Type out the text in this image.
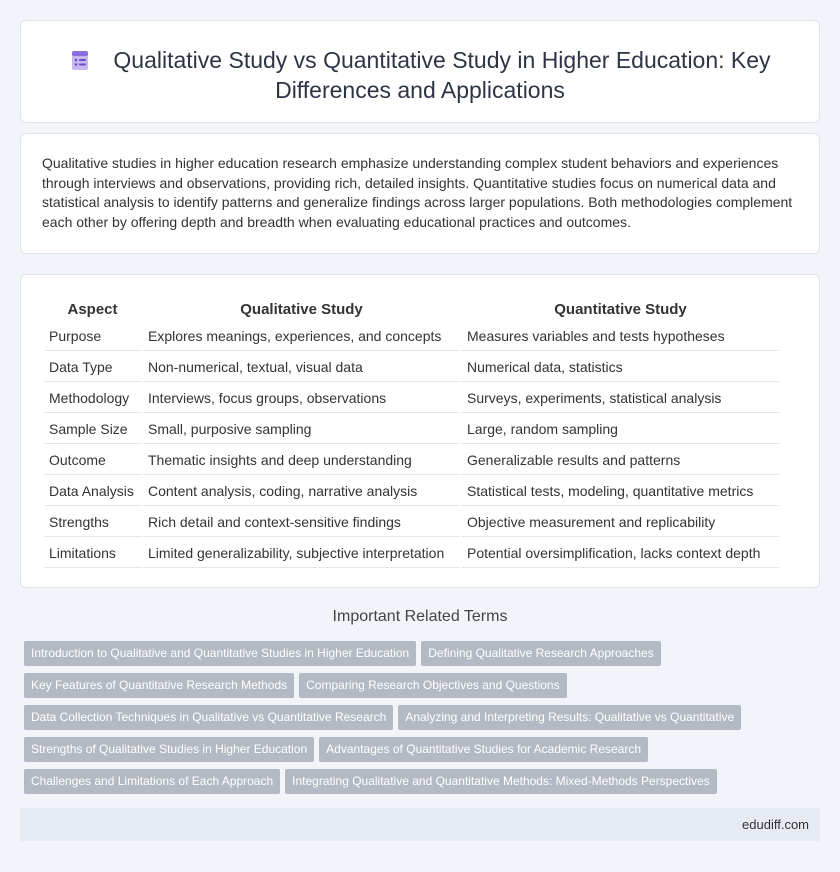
Qualitative Study vs Quantitative Study in Higher Education: Key Differences and Applications

Qualitative studies in higher education research emphasize understanding complex student behaviors and experiences through interviews and observations, providing rich, detailed insights. Quantitative studies focus on numerical data and statistical analysis to identify patterns and generalize findings across larger populations. Both methodologies complement each other by offering depth and breadth when evaluating educational practices and outcomes.

Aspect	Qualitative Study	Quantitative Study
Purpose	Explores meanings, experiences, and concepts	Measures variables and tests hypotheses
Data Type	Non-numerical, textual, visual data	Numerical data, statistics
Methodology	Interviews, focus groups, observations	Surveys, experiments, statistical analysis
Sample Size	Small, purposive sampling	Large, random sampling
Outcome	Thematic insights and deep understanding	Generalizable results and patterns
Data Analysis	Content analysis, coding, narrative analysis	Statistical tests, modeling, quantitative metrics
Strengths	Rich detail and context-sensitive findings	Objective measurement and replicability
Limitations	Limited generalizability, subjective interpretation	Potential oversimplification, lacks context depth
Important Related Terms
Introduction to Qualitative and Quantitative Studies in Higher Education Defining Qualitative Research Approaches
Key Features of Quantitative Research Methods Comparing Research Objectives and Questions
Data Collection Techniques in Qualitative vs Quantitative Research Analyzing and Interpreting Results: Qualitative vs Quantitative
Strengths of Qualitative Studies in Higher Education Advantages of Quantitative Studies for Academic Research
Challenges and Limitations of Each Approach Integrating Qualitative and Quantitative Methods: Mixed-Methods Perspectives
edudiff.com
